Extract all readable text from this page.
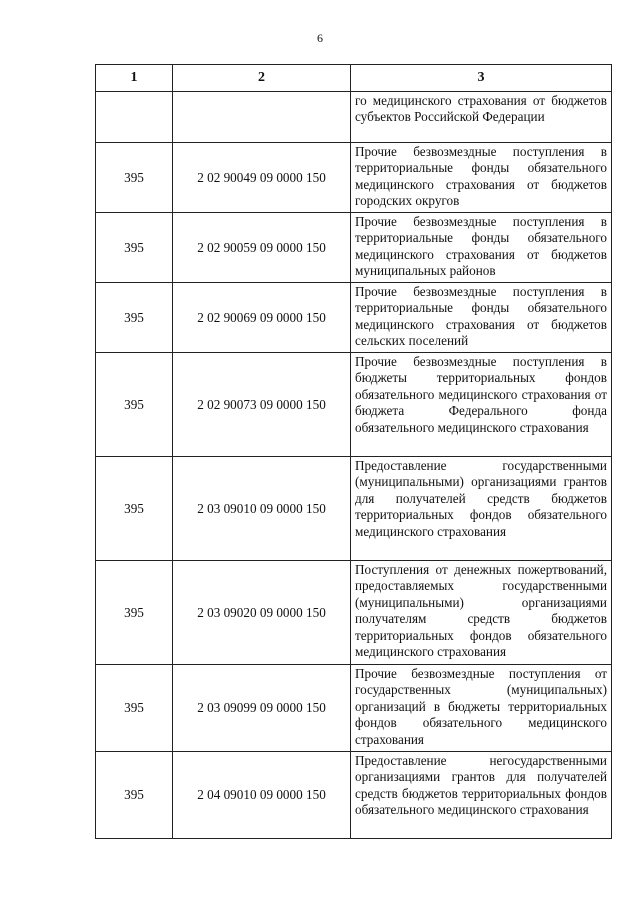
6
1	2	3
		го медицинского страхования от бюджетов субъектов Российской Федерации
395	2 02 90049 09 0000 150	Прочие безвозмездные поступления в территориальные фонды обязательного медицинского страхования от бюджетов городских округов
395	2 02 90059 09 0000 150	Прочие безвозмездные поступления в территориальные фонды обязательного медицинского страхования от бюджетов муниципальных районов
395	2 02 90069 09 0000 150	Прочие безвозмездные поступления в территориальные фонды обязательного медицинского страхования от бюджетов сельских поселений
395	2 02 90073 09 0000 150	Прочие безвозмездные поступления в бюджеты территориальных фондов обязательного медицинского страхования от бюджета Федерального фонда обязательного медицинского страхования
395	2 03 09010 09 0000 150	Предоставление государственными (муниципальными) организациями грантов для получателей средств бюджетов территориальных фондов обязательного медицинского страхования
395	2 03 09020 09 0000 150	Поступления от денежных пожертвований, предоставляемых государственными (муниципальными) организациями получателям средств бюджетов территориальных фондов обязательного медицинского страхования
395	2 03 09099 09 0000 150	Прочие безвозмездные поступления от государственных (муниципальных) организаций в бюджеты территориальных фондов обязательного медицинского страхования
395	2 04 09010 09 0000 150	Предоставление негосударственными организациями грантов для получателей средств бюджетов территориальных фондов обязательного медицинского страхования
